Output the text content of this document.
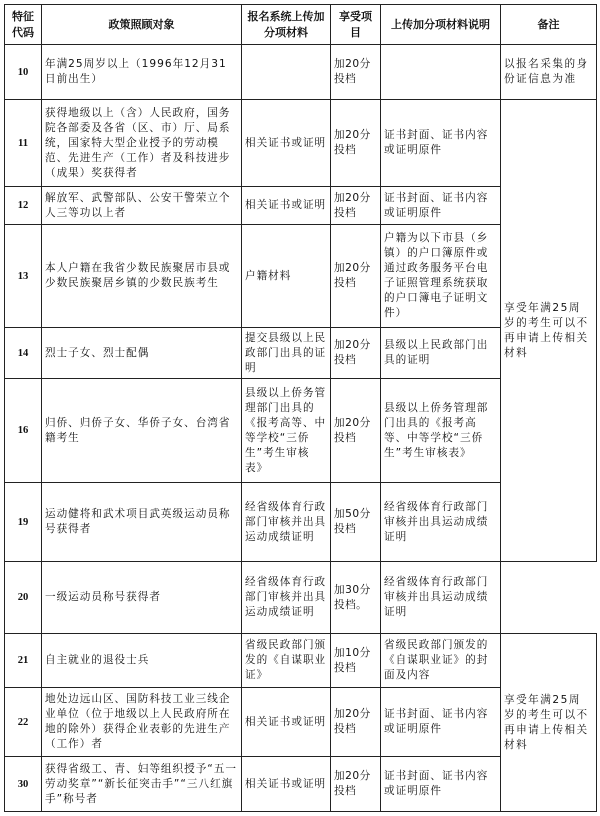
特征代码	政策照顾对象	报名系统上传加分项材料	享受项目	上传加分项材料说明	备注
10	年满25周岁以上（1996年12月31日前出生）		加20分投档		以报名采集的身份证信息为准
11	获得地级以上（含）人民政府，国务院各部委及各省（区、市）厅、局系统，国家特大型企业授予的劳动模范、先进生产（工作）者及科技进步（成果）奖获得者	相关证书或证明	加20分投档	证书封面、证书内容或证明原件	享受年满25周岁的考生可以不再申请上传相关材料
12	解放军、武警部队、公安干警荣立个人三等功以上者	相关证书或证明	加20分投档	证书封面、证书内容或证明原件	
13	本人户籍在我省少数民族聚居市县或少数民族聚居乡镇的少数民族考生	户籍材料	加20分投档	户籍为以下市县（乡镇）的户口簿原件或通过政务服务平台电子证照管理系统获取的户口簿电子证明文件）	
14	烈士子女、烈士配偶	提交县级以上民政部门出具的证明	加20分投档	县级以上民政部门出具的证明	
16	归侨、归侨子女、华侨子女、台湾省籍考生	县级以上侨务管理部门出具的《报考高等、中等学校“三侨生”考生审核表》	加20分投档	县级以上侨务管理部门出具的《报考高等、中等学校“三侨生”考生审核表》	
19	运动健将和武术项目武英级运动员称号获得者	经省级体育行政部门审核并出具运动成绩证明	加50分投档	经省级体育行政部门审核并出具运动成绩证明	
20	一级运动员称号获得者	经省级体育行政部门审核并出具运动成绩证明	加30分投档。	经省级体育行政部门审核并出具运动成绩证明	
21	自主就业的退役士兵	省级民政部门颁发的《自谋职业证》	加10分投档	省级民政部门颁发的《自谋职业证》的封面及内容	享受年满25周岁的考生可以不再申请上传相关材料
22	地处边远山区、国防科技工业三线企业单位（位于地级以上人民政府所在地的除外）获得企业表彰的先进生产（工作）者	相关证书或证明	加20分投档	证书封面、证书内容或证明原件	
30	获得省级工、青、妇等组织授予“五一劳动奖章”“新长征突击手”“三八红旗手”称号者	相关证书或证明	加20分投档	证书封面、证书内容或证明原件	
